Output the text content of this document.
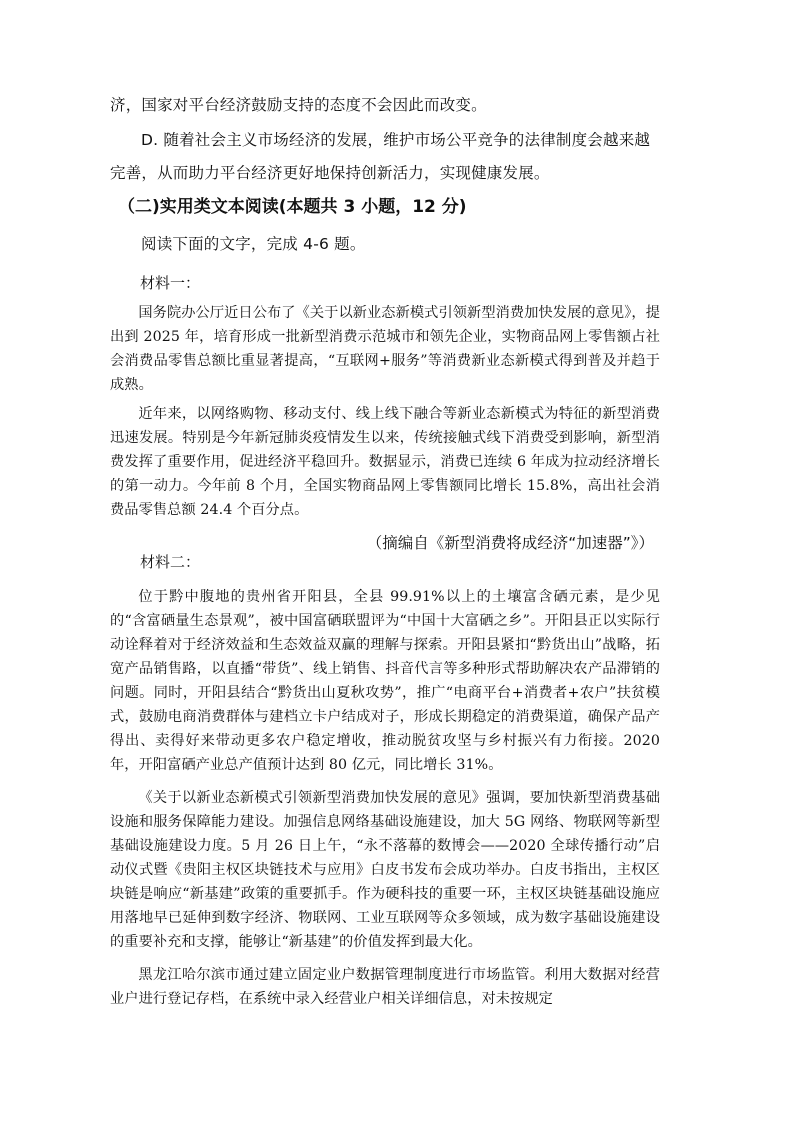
济，国家对平台经济鼓励支持的态度不会因此而改变。

D. 随着社会主义市场经济的发展，维护市场公平竞争的法律制度会越来越完善，从而助力平台经济更好地保持创新活力，实现健康发展。

（二)实用类文本阅读(本题共 3 小题，12 分)

阅读下面的文字，完成 4-6 题。

材料一：

国务院办公厅近日公布了《关于以新业态新模式引领新型消费加快发展的意见》，提出到 2025 年，培育形成一批新型消费示范城市和领先企业，实物商品网上零售额占社会消费品零售总额比重显著提高，“互联网+服务”等消费新业态新模式得到普及并趋于成熟。

近年来，以网络购物、移动支付、线上线下融合等新业态新模式为特征的新型消费迅速发展。特别是今年新冠肺炎疫情发生以来，传统接触式线下消费受到影响，新型消费发挥了重要作用，促进经济平稳回升。数据显示，消费已连续 6 年成为拉动经济增长的第一动力。今年前 8 个月，全国实物商品网上零售额同比增长 15.8%，高出社会消费品零售总额 24.4 个百分点。

（摘编自《新型消费将成经济“加速器”》）

材料二：

位于黔中腹地的贵州省开阳县，全县 99.91%以上的土壤富含硒元素，是少见的“含富硒量生态景观”，被中国富硒联盟评为“中国十大富硒之乡”。开阳县正以实际行动诠释着对于经济效益和生态效益双赢的理解与探索。开阳县紧扣“黔货出山”战略，拓宽产品销售路，以直播“带货”、线上销售、抖音代言等多种形式帮助解决农产品滞销的问题。同时，开阳县结合“黔货出山夏秋攻势”，推广“电商平台+消费者+农户”扶贫模式，鼓励电商消费群体与建档立卡户结成对子，形成长期稳定的消费渠道，确保产品产得出、卖得好来带动更多农户稳定增收，推动脱贫攻坚与乡村振兴有力衔接。2020 年，开阳富硒产业总产值预计达到 80 亿元，同比增长 31%。

《关于以新业态新模式引领新型消费加快发展的意见》强调，要加快新型消费基础设施和服务保障能力建设。加强信息网络基础设施建设，加大 5G 网络、物联网等新型基础设施建设力度。5 月 26 日上午，“永不落幕的数博会——2020 全球传播行动”启动仪式暨《贵阳主权区块链技术与应用》白皮书发布会成功举办。白皮书指出，主权区块链是响应“新基建”政策的重要抓手。作为硬科技的重要一环，主权区块链基础设施应用落地早已延伸到数字经济、物联网、工业互联网等众多领域，成为数字基础设施建设的重要补充和支撑，能够让“新基建”的价值发挥到最大化。

黑龙江哈尔滨市通过建立固定业户数据管理制度进行市场监管。利用大数据对经营业户进行登记存档，在系统中录入经营业户相关详细信息，对未按规定
